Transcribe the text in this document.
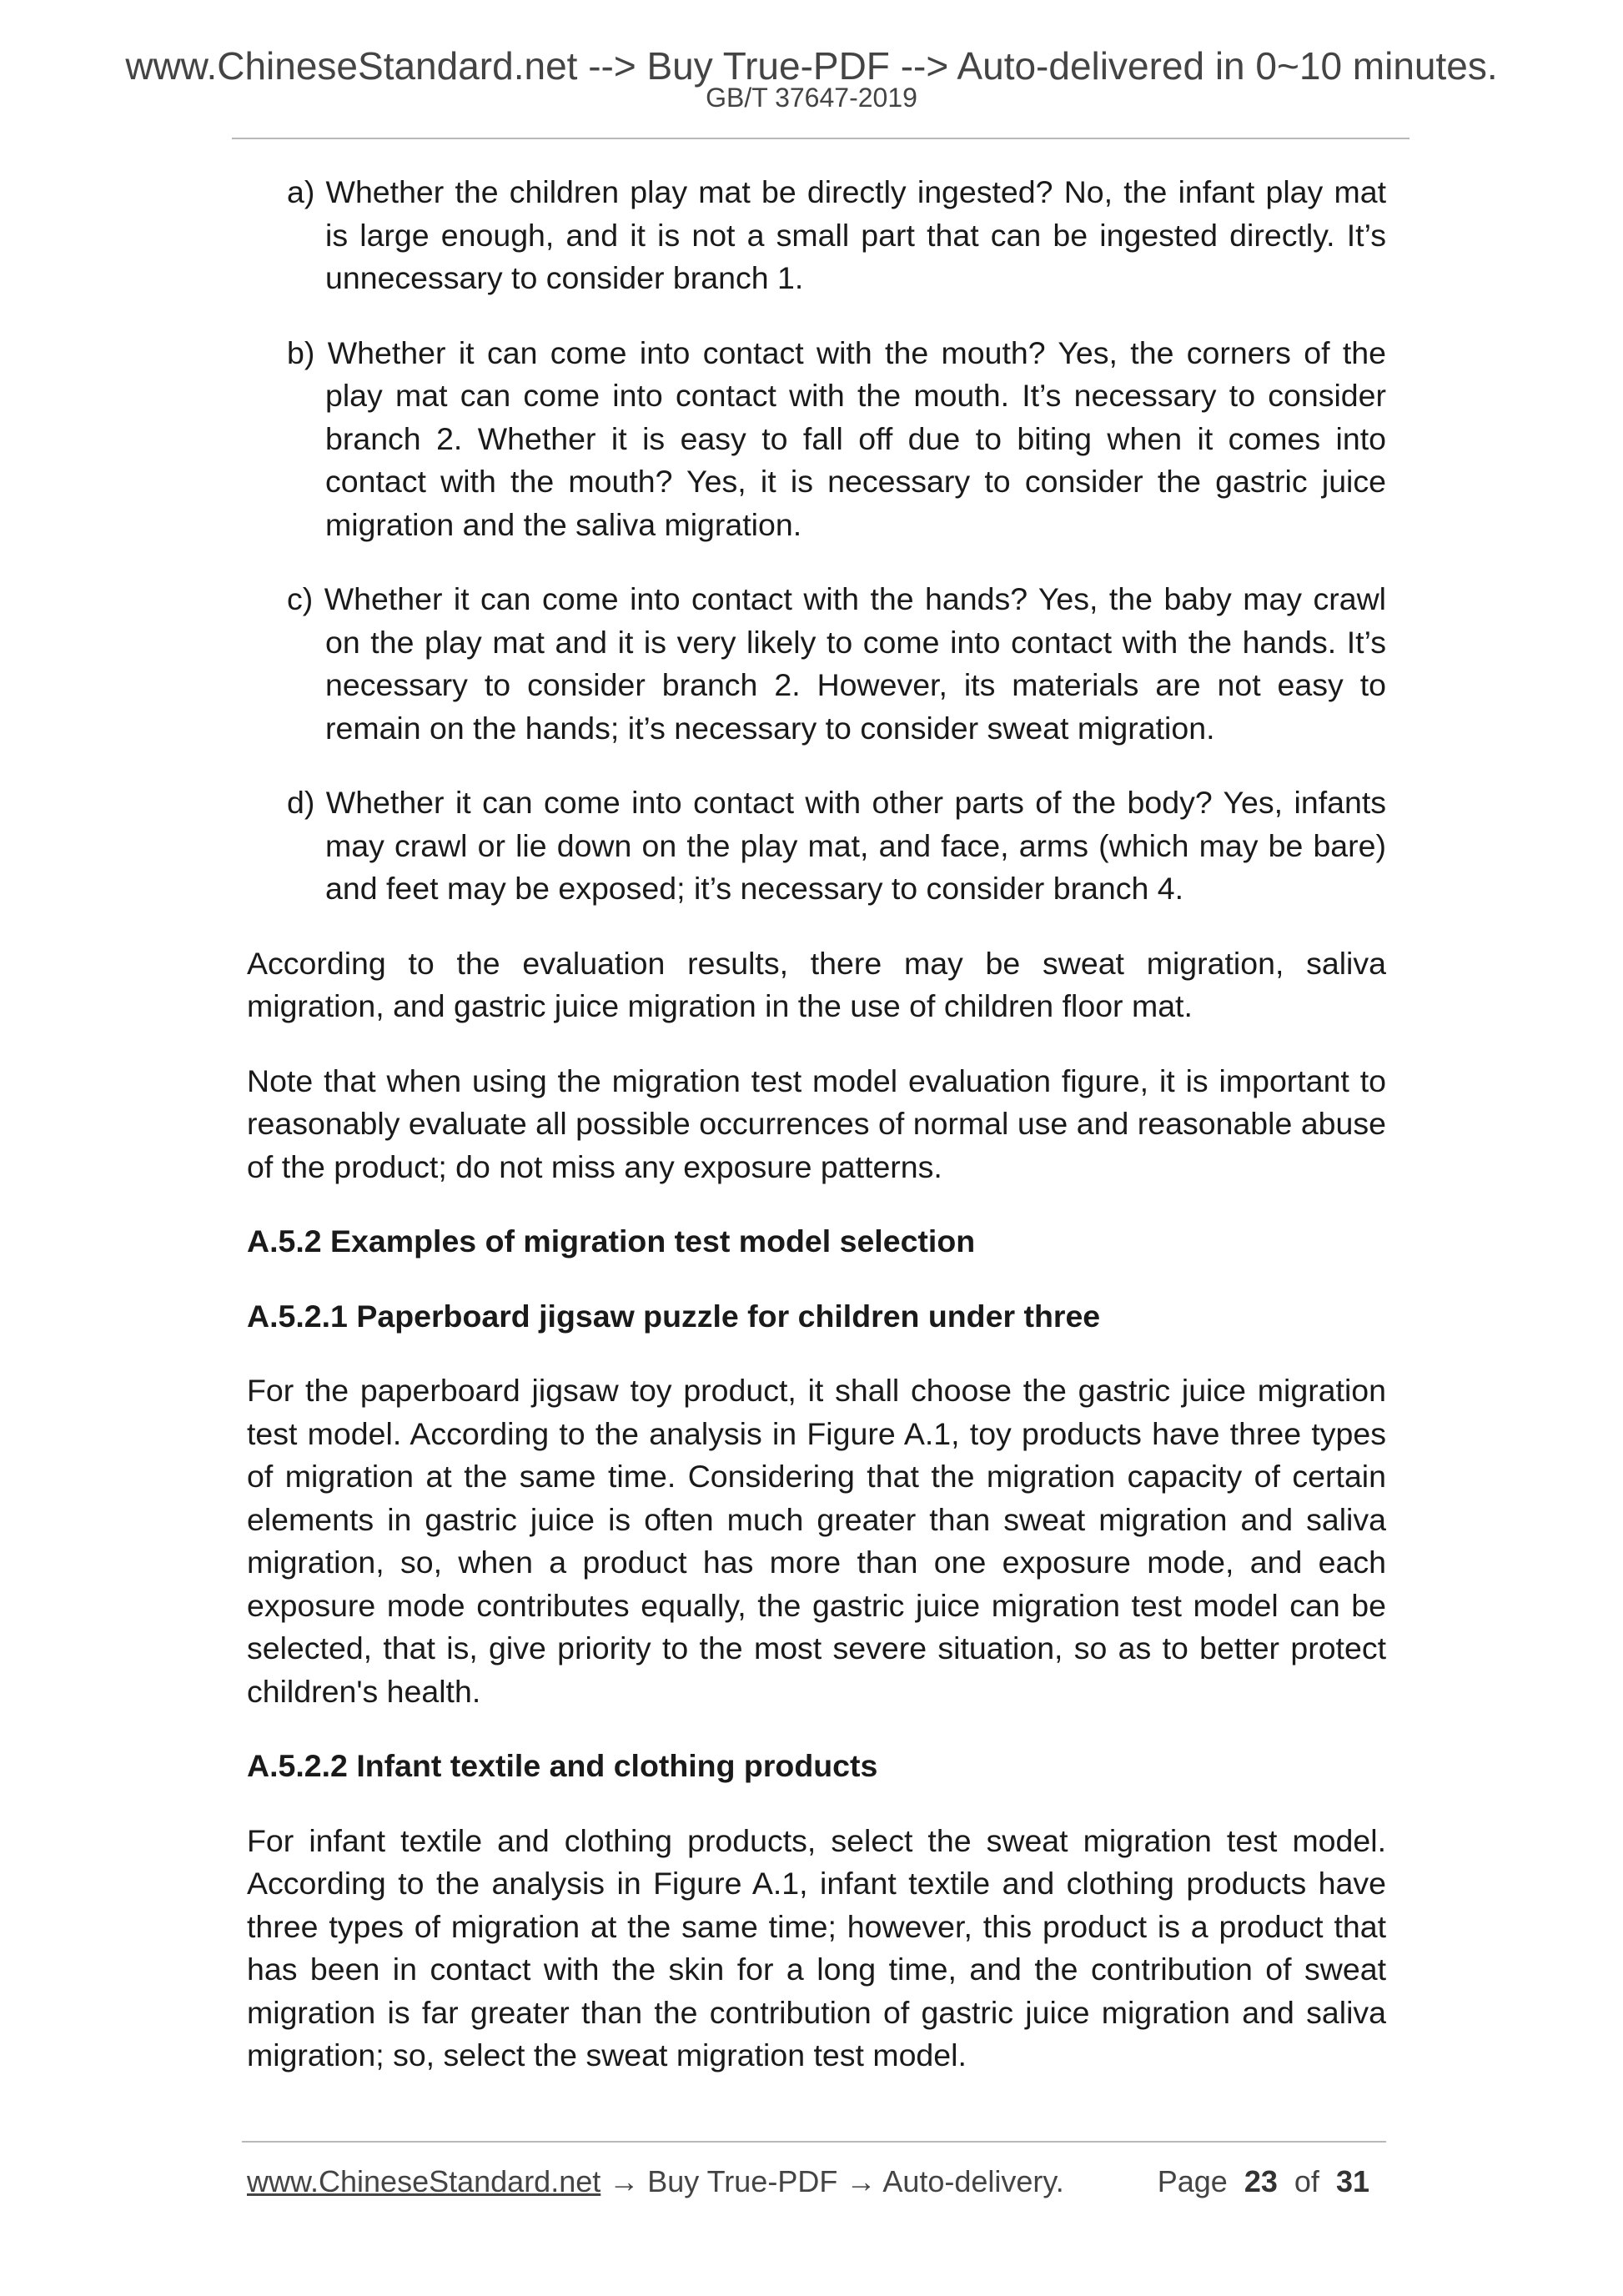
www.ChineseStandard.net --> Buy True-PDF --> Auto-delivered in 0~10 minutes.
GB/T 37647-2019

a) Whether the children play mat be directly ingested? No, the infant play mat is large enough, and it is not a small part that can be ingested directly. It’s unnecessary to consider branch 1.

b) Whether it can come into contact with the mouth? Yes, the corners of the play mat can come into contact with the mouth. It’s necessary to consider branch 2. Whether it is easy to fall off due to biting when it comes into contact with the mouth? Yes, it is necessary to consider the gastric juice migration and the saliva migration.

c) Whether it can come into contact with the hands? Yes, the baby may crawl on the play mat and it is very likely to come into contact with the hands. It’s necessary to consider branch 2. However, its materials are not easy to remain on the hands; it’s necessary to consider sweat migration.

d) Whether it can come into contact with other parts of the body? Yes, infants may crawl or lie down on the play mat, and face, arms (which may be bare) and feet may be exposed; it’s necessary to consider branch 4.

According to the evaluation results, there may be sweat migration, saliva migration, and gastric juice migration in the use of children floor mat.

Note that when using the migration test model evaluation figure, it is important to reasonably evaluate all possible occurrences of normal use and reasonable abuse of the product; do not miss any exposure patterns.

A.5.2 Examples of migration test model selection
A.5.2.1 Paperboard jigsaw puzzle for children under three

For the paperboard jigsaw toy product, it shall choose the gastric juice migration test model. According to the analysis in Figure A.1, toy products have three types of migration at the same time. Considering that the migration capacity of certain elements in gastric juice is often much greater than sweat migration and saliva migration, so, when a product has more than one exposure mode, and each exposure mode contributes equally, the gastric juice migration test model can be selected, that is, give priority to the most severe situation, so as to better protect children's health.

A.5.2.2 Infant textile and clothing products

For infant textile and clothing products, select the sweat migration test model. According to the analysis in Figure A.1, infant textile and clothing products have three types of migration at the same time; however, this product is a product that has been in contact with the skin for a long time, and the contribution of sweat migration is far greater than the contribution of gastric juice migration and saliva migration; so, select the sweat migration test model.

www.ChineseStandard.net → Buy True-PDF → Auto-delivery.	Page 23 of 31
